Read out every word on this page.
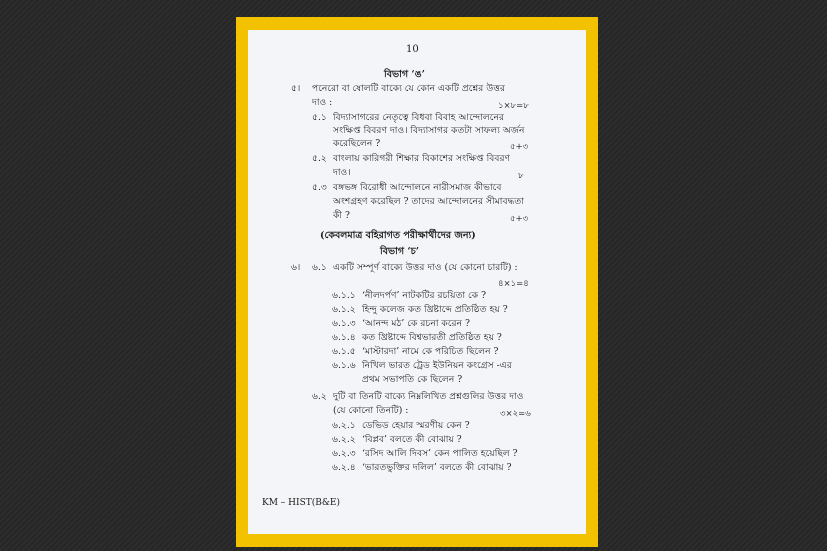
10
বিভাগ ‘ঙ’
৫। পনেরো বা ষোলটি বাক্যে যে কোন একটি প্রশ্নের উত্তর
দাও :	১×৮=৮
৫.১ বিদ্যাসাগরের নেতৃত্বে বিধবা বিবাহ আন্দোলনের
সংক্ষিপ্ত বিবরণ দাও। বিদ্যাসাগর কতটা সাফল্য অর্জন
করেছিলেন ?	৫+৩
৫.২ বাংলায় কারিগরী শিক্ষার বিকাশের সংক্ষিপ্ত বিবরণ
দাও।	৮
৫.৩ বঙ্গভঙ্গ বিরোধী আন্দোলনে নারীসমাজ কীভাবে
অংশগ্রহণ করেছিল ? তাদের আন্দোলনের সীমাবদ্ধতা
কী ?	৫+৩
(কেবলমাত্র বহিরাগত পরীক্ষার্থীদের জন্য)
বিভাগ ‘চ’
৬। ৬.১ একটি সম্পূর্ণ বাক্যে উত্তর দাও (যে কোনো চারটি) :
৪×১=৪
৬.১.১ ‘নীলদর্পণ’ নাটকটির রচয়িতা কে ?
৬.১.২ হিন্দু কলেজ কত খ্রিষ্টাব্দে প্রতিষ্ঠিত হয় ?
৬.১.৩ ‘আনন্দ মঠ’ কে রচনা করেন ?
৬.১.৪ কত খ্রিষ্টাব্দে বিশ্বভারতী প্রতিষ্ঠিত হয় ?
৬.১.৫ ‘মাস্টারদা’ নামে কে পরিচিত ছিলেন ?
৬.১.৬ নিখিল ভারত ট্রেড ইউনিয়ন কংগ্রেস -এর
প্রথম সভাপতি কে ছিলেন ?
৬.২ দুটি বা তিনটি বাক্যে নিম্নলিখিত প্রশ্নগুলির উত্তর দাও
(যে কোনো তিনটি) :	৩×২=৬
৬.২.১ ডেভিড হেয়ার স্মরণীয় কেন ?
৬.২.২ ‘বিপ্লব’ বলতে কী বোঝায় ?
৬.২.৩ ‘রসিদ আলি দিবস’ কেন পালিত হয়েছিল ?
৬.২.৪ ‘ভারতভুক্তির দলিল’ বলতে কী বোঝায় ?
KM – HIST(B&E)
